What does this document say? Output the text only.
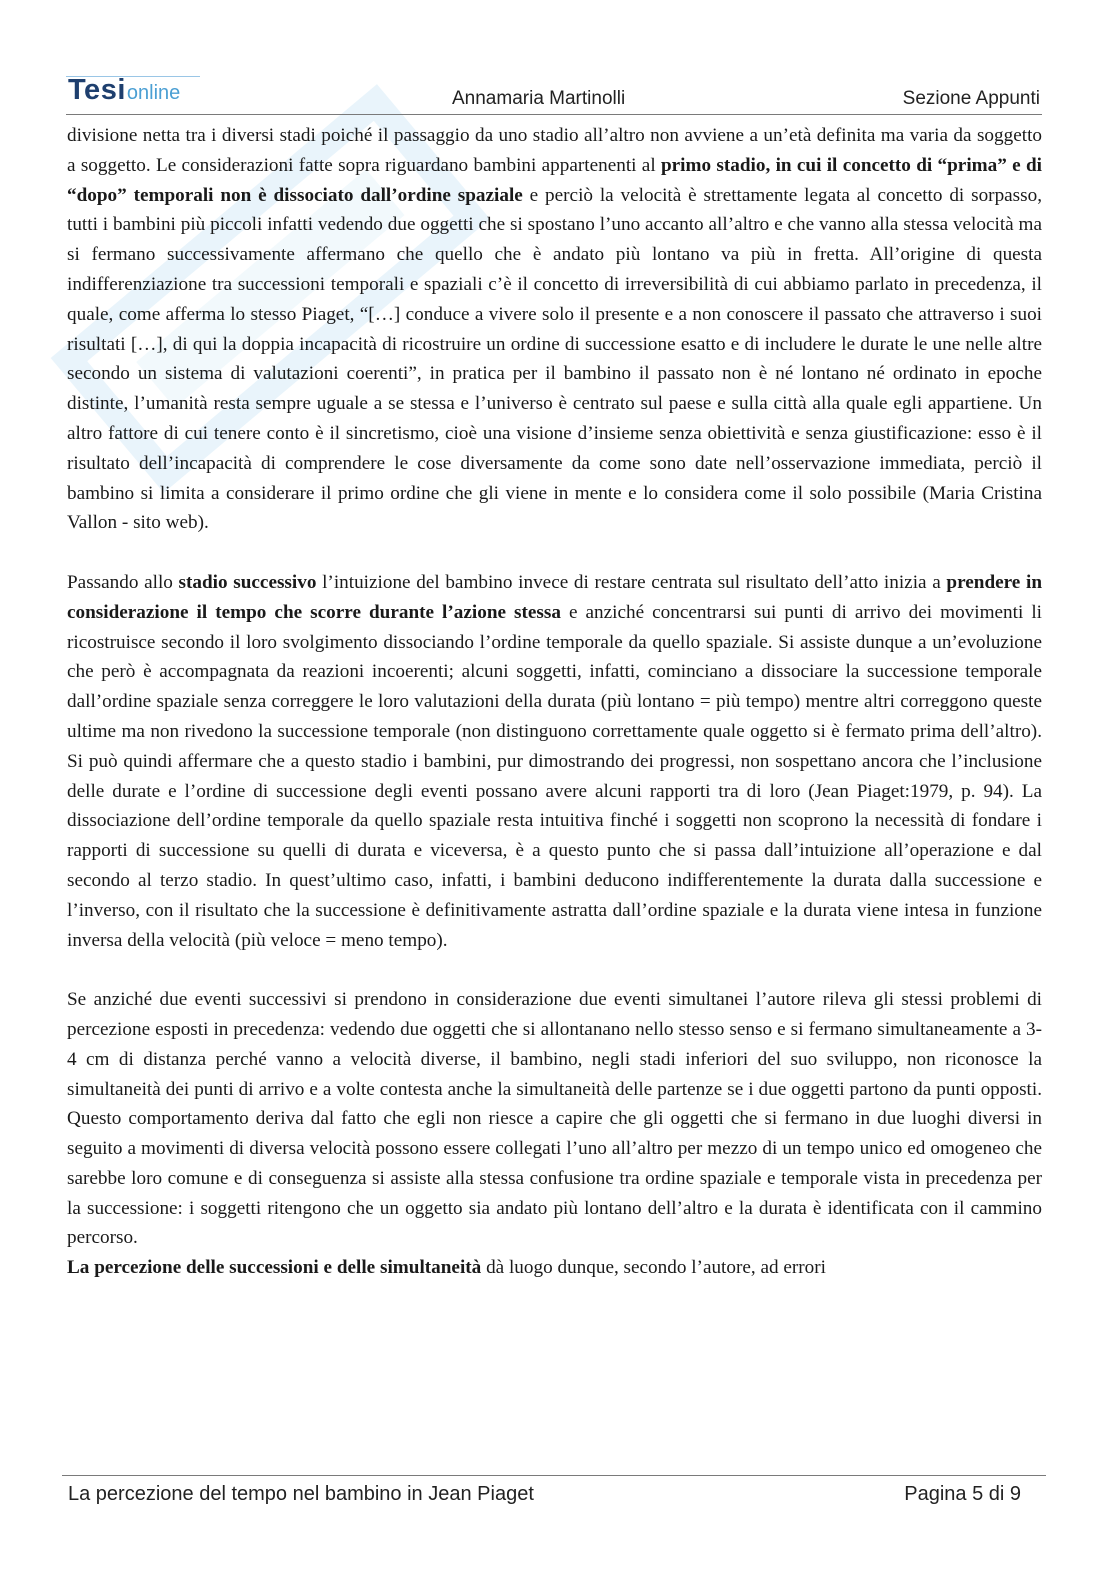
Tesionline	Annamaria Martinolli	Sezione Appunti

divisione netta tra i diversi stadi poiché il passaggio da uno stadio all’altro non avviene a un’età definita ma varia da soggetto a soggetto. Le considerazioni fatte sopra riguardano bambini appartenenti al primo stadio, in cui il concetto di “prima” e di “dopo” temporali non è dissociato dall’ordine spaziale e perciò la velocità è strettamente legata al concetto di sorpasso, tutti i bambini più piccoli infatti vedendo due oggetti che si spostano l’uno accanto all’altro e che vanno alla stessa velocità ma si fermano successivamente affermano che quello che è andato più lontano va più in fretta. All’origine di questa indifferenziazione tra successioni temporali e spaziali c’è il concetto di irreversibilità di cui abbiamo parlato in precedenza, il quale, come afferma lo stesso Piaget, “[…] conduce a vivere solo il presente e a non conoscere il passato che attraverso i suoi risultati […], di qui la doppia incapacità di ricostruire un ordine di successione esatto e di includere le durate le une nelle altre secondo un sistema di valutazioni coerenti”, in pratica per il bambino il passato non è né lontano né ordinato in epoche distinte, l’umanità resta sempre uguale a se stessa e l’universo è centrato sul paese e sulla città alla quale egli appartiene. Un altro fattore di cui tenere conto è il sincretismo, cioè una visione d’insieme senza obiettività e senza giustificazione: esso è il risultato dell’incapacità di comprendere le cose diversamente da come sono date nell’osservazione immediata, perciò il bambino si limita a considerare il primo ordine che gli viene in mente e lo considera come il solo possibile (Maria Cristina Vallon - sito web).

Passando allo stadio successivo l’intuizione del bambino invece di restare centrata sul risultato dell’atto inizia a prendere in considerazione il tempo che scorre durante l’azione stessa e anziché concentrarsi sui punti di arrivo dei movimenti li ricostruisce secondo il loro svolgimento dissociando l’ordine temporale da quello spaziale. Si assiste dunque a un’evoluzione che però è accompagnata da reazioni incoerenti; alcuni soggetti, infatti, cominciano a dissociare la successione temporale dall’ordine spaziale senza correggere le loro valutazioni della durata (più lontano = più tempo) mentre altri correggono queste ultime ma non rivedono la successione temporale (non distinguono correttamente quale oggetto si è fermato prima dell’altro). Si può quindi affermare che a questo stadio i bambini, pur dimostrando dei progressi, non sospettano ancora che l’inclusione delle durate e l’ordine di successione degli eventi possano avere alcuni rapporti tra di loro (Jean Piaget:1979, p. 94). La dissociazione dell’ordine temporale da quello spaziale resta intuitiva finché i soggetti non scoprono la necessità di fondare i rapporti di successione su quelli di durata e viceversa, è a questo punto che si passa dall’intuizione all’operazione e dal secondo al terzo stadio. In quest’ultimo caso, infatti, i bambini deducono indifferentemente la durata dalla successione e l’inverso, con il risultato che la successione è definitivamente astratta dall’ordine spaziale e la durata viene intesa in funzione inversa della velocità (più veloce = meno tempo).

Se anziché due eventi successivi si prendono in considerazione due eventi simultanei l’autore rileva gli stessi problemi di percezione esposti in precedenza: vedendo due oggetti che si allontanano nello stesso senso e si fermano simultaneamente a 3-4 cm di distanza perché vanno a velocità diverse, il bambino, negli stadi inferiori del suo sviluppo, non riconosce la simultaneità dei punti di arrivo e a volte contesta anche la simultaneità delle partenze se i due oggetti partono da punti opposti. Questo comportamento deriva dal fatto che egli non riesce a capire che gli oggetti che si fermano in due luoghi diversi in seguito a movimenti di diversa velocità possono essere collegati l’uno all’altro per mezzo di un tempo unico ed omogeneo che sarebbe loro comune e di conseguenza si assiste alla stessa confusione tra ordine spaziale e temporale vista in precedenza per la successione: i soggetti ritengono che un oggetto sia andato più lontano dell’altro e la durata è identificata con il cammino percorso.

La percezione delle successioni e delle simultaneità dà luogo dunque, secondo l’autore, ad errori

La percezione del tempo nel bambino in Jean Piaget	Pagina 5 di 9
